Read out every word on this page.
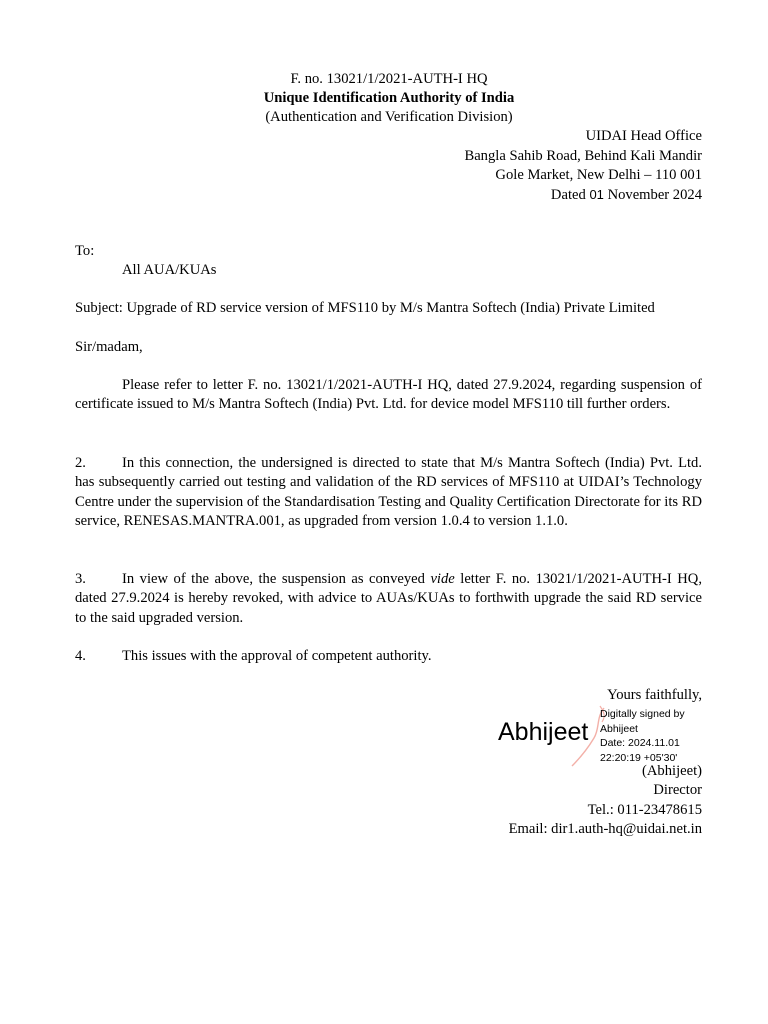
F. no. 13021/1/2021-AUTH-I HQ
Unique Identification Authority of India
(Authentication and Verification Division)
UIDAI Head Office
Bangla Sahib Road, Behind Kali Mandir
Gole Market, New Delhi – 110 001
Dated 01 November 2024
To:
All AUA/KUAs
Subject: Upgrade of RD service version of MFS110 by M/s Mantra Softech (India) Private Limited
Sir/madam,
Please refer to letter F. no. 13021/1/2021-AUTH-I HQ, dated 27.9.2024, regarding suspension of certificate issued to M/s Mantra Softech (India) Pvt. Ltd. for device model MFS110 till further orders.
2. In this connection, the undersigned is directed to state that M/s Mantra Softech (India) Pvt. Ltd. has subsequently carried out testing and validation of the RD services of MFS110 at UIDAI’s Technology Centre under the supervision of the Standardisation Testing and Quality Certification Directorate for its RD service, RENESAS.MANTRA.001, as upgraded from version 1.0.4 to version 1.1.0.
3. In view of the above, the suspension as conveyed vide letter F. no. 13021/1/2021-AUTH-I HQ, dated 27.9.2024 is hereby revoked, with advice to AUAs/KUAs to forthwith upgrade the said RD service to the said upgraded version.
4. This issues with the approval of competent authority.
Yours faithfully,
Abhijeet
Digitally signed by
Abhijeet
Date: 2024.11.01
22:20:19 +05'30'
(Abhijeet)
Director
Tel.: 011-23478615
Email: dir1.auth-hq@uidai.net.in
